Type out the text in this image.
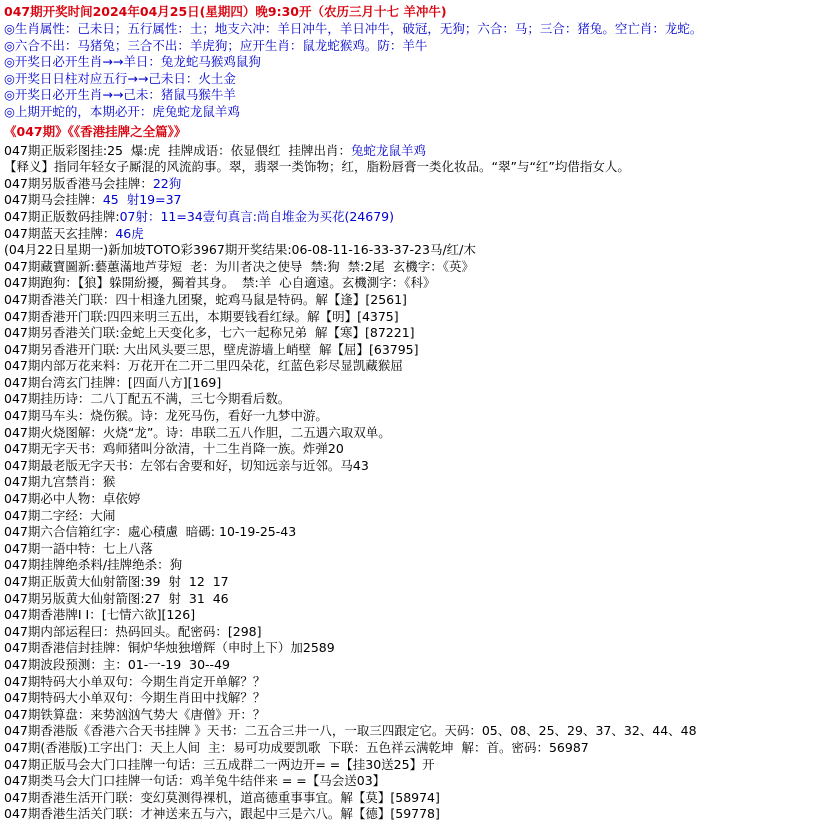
047期开奖时间2024年04月25日(星期四）晚9:30开（农历三月十七 羊冲牛)
◎生肖属性：己未日；五行属性：土；地支六冲：羊日冲牛，羊日冲牛，破冠，无狗；六合：马；三合：猪兔。空亡肖：龙蛇。
◎六合不出：马猪兔；三合不出：羊虎狗；应开生肖：鼠龙蛇猴鸡。防：羊牛
◎开奖日必开生肖→→羊日：兔龙蛇马猴鸡鼠狗
◎开奖日日柱对应五行→→己未日：火土金
◎开奖日必开生肖→→己未：猪鼠马猴牛羊
◎上期开蛇的，本期必开：虎兔蛇龙鼠羊鸡
《047期》《《香港挂牌之全篇》》
047期正版彩图挂:25  爆:虎  挂牌成语：依显偎红  挂牌出肖：兔蛇龙鼠羊鸡
【释义】指同年轻女子厮混的风流韵事。翠，翡翠一类饰物；红，脂粉唇膏一类化妆品。“翠”与“红”均借指女人。
047期另版香港马会挂牌：22狗
047期马会挂牌：45  射19=37
047期正版数码挂牌:07射：11=34壹句真言:尚自堆金为买花(24679)
047期蓝天玄挂牌：46虎
(04月22日星期一)新加坡TOTO彩3967期开奖结果:06-08-11-16-33-37-23马/红/木
047期藏寶圖新:藝蕙滿地芦芽短  老：为川者决之使导  禁:狗  禁:2尾  玄機字：《英》
047期跑狗：【狼】躲開紛擾，獨着其身。  禁:羊  心自適遠。玄機測字：《科》
047期香港关门联：四十相逢九团聚，蛇鸡马鼠是特码。解【逢】[2561]
047期香港开门联:四四来明三五出，本期要钱看红绿。解【明】[4375]
047期另香港关门联:金蛇上天变化多，七六一起称兄弟  解【寒】[87221]
047期另香港开门联: 大出风头要三思，壁虎游墙上峭壁  解【屈】[63795]
047期内部万花来料：万花开在二开二里四朵花，红蓝色彩尽显凯藏猴屈
047期台湾玄门挂牌：[四面八方][169]
047期挂历诗：二八丁配五不满，三七今期看后数。
047期马车头：烧伤猴。诗：龙死马伤，看好一九梦中游。
047期火烧图解：火烧“龙”。诗：串联二五八作胆，二五遇六取双单。
047期无字天书：鸡师猪叫分欲清，十二生肖降一族。炸弹20
047期最老版无字天书：左邻右舍要和好，切知远亲与近邻。马43
047期九宫禁肖：猴
047期必中人物：卓依婷
047期二字经：大闹
047期六合信箱红字：處心積慮  暗碼: 10-19-25-43
047期一語中特：七上八落
047期挂牌绝杀料/挂牌绝杀：狗
047期正版黄大仙射箭图:39  射  12  17
047期另版黄大仙射箭图:27  射  31  46
047期香港牌I I：[七情六欲][126]
047期内部运程曰：热码回头。配密码：[298]
047期香港信封挂牌：铜炉华烛独增辉（申时上下）加2589
047期波段预测：主：01-一-19  30--49
047期特码大小单双句：今期生肖定开单解？？
047期特码大小单双句：今期生肖田中找解？？
047期铁算盘：来势汹汹气势大《唐僧》开：？
047期香港版《香港六合天书挂牌 》天书：二五合三井一八，一取三四跟定它。天码：05、08、25、29、37、32、44、48
047期(香港版)工字出门：天上人间  主：易可功成要凯歌  下联：五色祥云满乾坤  解：首。密码：56987
047期正版马会大门口挂牌一句话：三五成群二一两边开= =【挂30送25】开
047期类马会大门口挂牌一句话：鸡羊兔牛结伴来 = =【马会送03】
047期香港生活开门联：变幻莫测得裸机，道高德重事事宜。解【莫】[58974]
047期香港生活关门联：才神送来五与六，跟起中三是六八。解【德】[59778]
